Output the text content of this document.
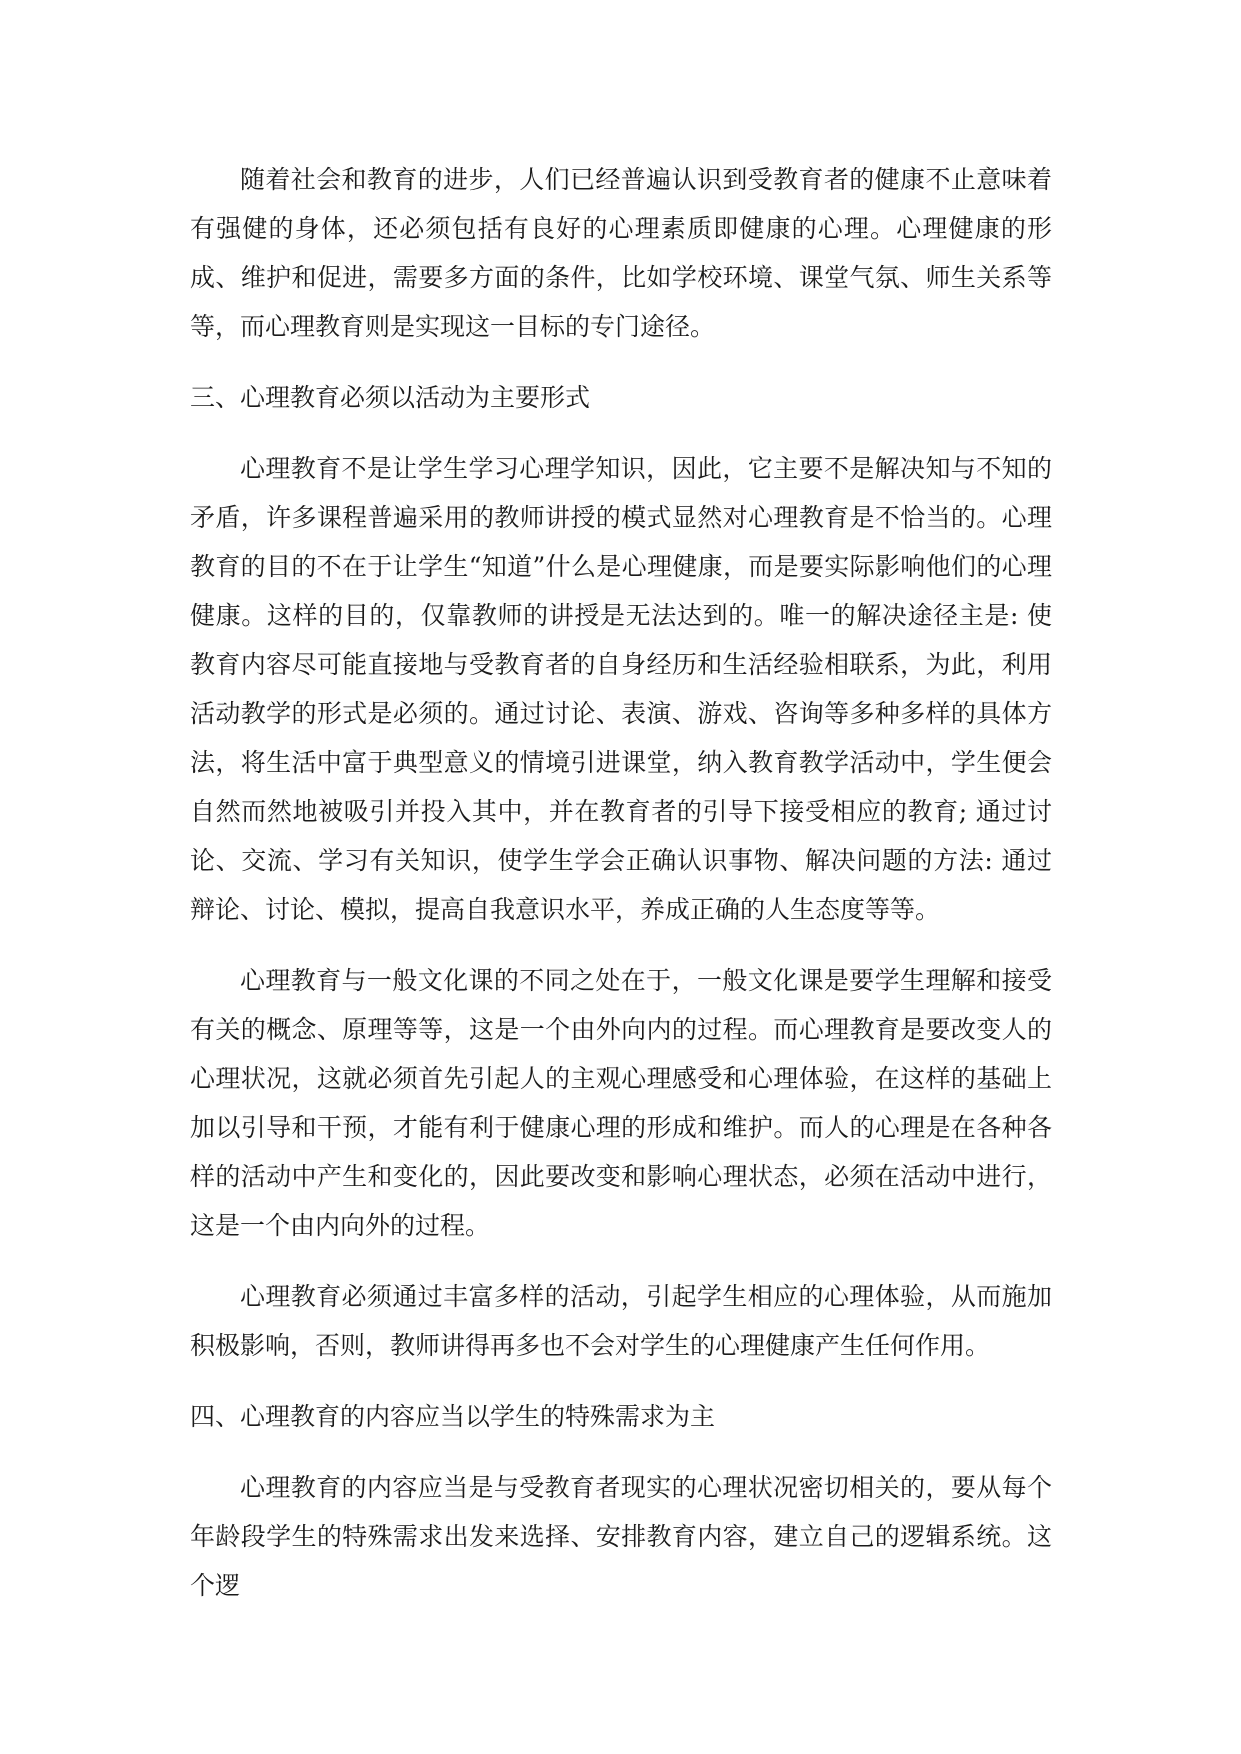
随着社会和教育的进步，人们已经普遍认识到受教育者的健康不止意味着有强健的身体，还必须包括有良好的心理素质即健康的心理。心理健康的形成、维护和促进，需要多方面的条件，比如学校环境、课堂气氛、师生关系等等，而心理教育则是实现这一目标的专门途径。

三、心理教育必须以活动为主要形式

心理教育不是让学生学习心理学知识，因此，它主要不是解决知与不知的矛盾，许多课程普遍采用的教师讲授的模式显然对心理教育是不恰当的。心理教育的目的不在于让学生“知道”什么是心理健康，而是要实际影响他们的心理健康。这样的目的，仅靠教师的讲授是无法达到的。唯一的解决途径主是: 使教育内容尽可能直接地与受教育者的自身经历和生活经验相联系，为此，利用活动教学的形式是必须的。通过讨论、表演、游戏、咨询等多种多样的具体方法，将生活中富于典型意义的情境引进课堂，纳入教育教学活动中，学生便会自然而然地被吸引并投入其中，并在教育者的引导下接受相应的教育; 通过讨论、交流、学习有关知识，使学生学会正确认识事物、解决问题的方法: 通过辩论、讨论、模拟，提高自我意识水平，养成正确的人生态度等等。

心理教育与一般文化课的不同之处在于，一般文化课是要学生理解和接受有关的概念、原理等等，这是一个由外向内的过程。而心理教育是要改变人的心理状况，这就必须首先引起人的主观心理感受和心理体验，在这样的基础上加以引导和干预，才能有利于健康心理的形成和维护。而人的心理是在各种各样的活动中产生和变化的，因此要改变和影响心理状态，必须在活动中进行，这是一个由内向外的过程。

心理教育必须通过丰富多样的活动，引起学生相应的心理体验，从而施加积极影响，否则，教师讲得再多也不会对学生的心理健康产生任何作用。

四、心理教育的内容应当以学生的特殊需求为主

心理教育的内容应当是与受教育者现实的心理状况密切相关的，要从每个年龄段学生的特殊需求出发来选择、安排教育内容，建立自己的逻辑系统。这个逻
